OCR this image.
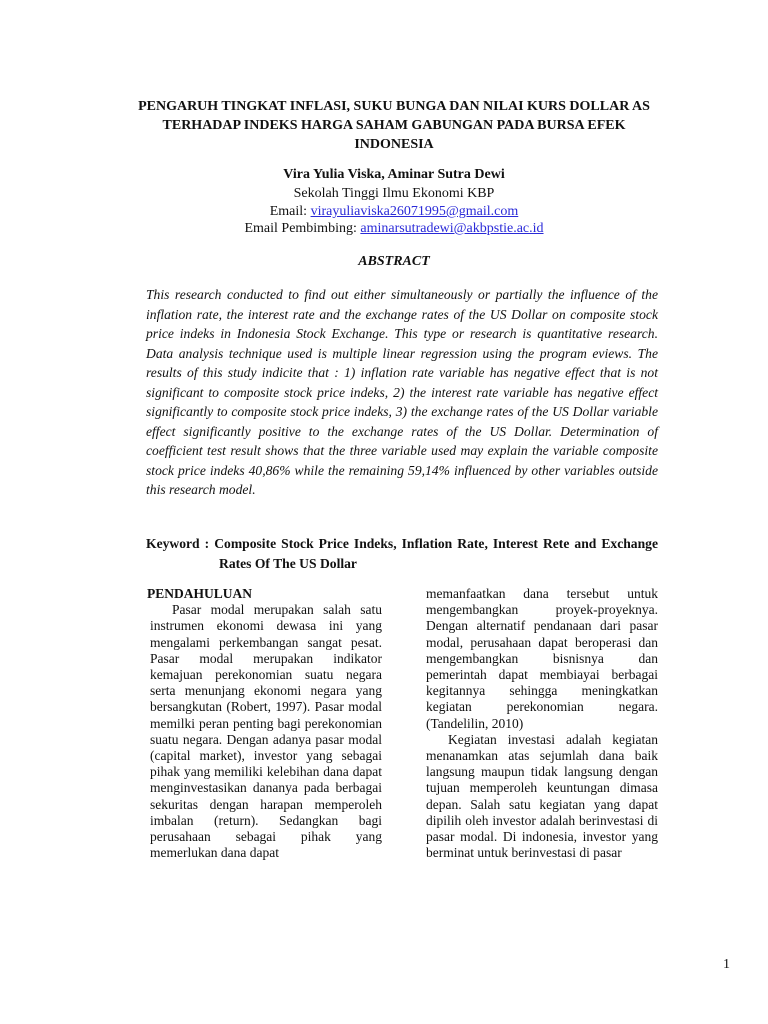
PENGARUH TINGKAT INFLASI, SUKU BUNGA DAN NILAI KURS DOLLAR AS TERHADAP INDEKS HARGA SAHAM GABUNGAN PADA BURSA EFEK INDONESIA
Vira Yulia Viska, Aminar Sutra Dewi
Sekolah Tinggi Ilmu Ekonomi KBP
Email: virayuliaviska26071995@gmail.com
Email Pembimbing: aminarsutradewi@akbpstie.ac.id
ABSTRACT

This research conducted to find out either simultaneously or partially the influence of the inflation rate, the interest rate and the exchange rates of the US Dollar on composite stock price indeks in Indonesia Stock Exchange. This type or research is quantitative research. Data analysis technique used is multiple linear regression using the program eviews. The results of this study indicite that : 1) inflation rate variable has negative effect that is not significant to composite stock price indeks, 2) the interest rate variable has negative effect significantly to composite stock price indeks, 3) the exchange rates of the US Dollar variable effect significantly positive to the exchange rates of the US Dollar. Determination of coefficient test result shows that the three variable used may explain the variable composite stock price indeks 40,86% while the remaining 59,14% influenced by other variables outside this research model.

Keyword : Composite Stock Price Indeks, Inflation Rate, Interest Rete and Exchange Rates Of The US Dollar
PENDAHULUAN

Pasar modal merupakan salah satu instrumen ekonomi dewasa ini yang mengalami perkembangan sangat pesat. Pasar modal merupakan indikator kemajuan perekonomian suatu negara serta menunjang ekonomi negara yang bersangkutan (Robert, 1997). Pasar modal memilki peran penting bagi perekonomian suatu negara. Dengan adanya pasar modal (capital market), investor yang sebagai pihak yang memiliki kelebihan dana dapat menginvestasikan dananya pada berbagai sekuritas dengan harapan memperoleh imbalan (return). Sedangkan bagi perusahaan sebagai pihak yang memerlukan dana dapat

memanfaatkan dana tersebut untuk mengembangkan proyek-proyeknya. Dengan alternatif pendanaan dari pasar modal, perusahaan dapat beroperasi dan mengembangkan bisnisnya dan pemerintah dapat membiayai berbagai kegitannya sehingga meningkatkan kegiatan perekonomian negara. (Tandelilin, 2010)

Kegiatan investasi adalah kegiatan menanamkan atas sejumlah dana baik langsung maupun tidak langsung dengan tujuan memperoleh keuntungan dimasa depan. Salah satu kegiatan yang dapat dipilih oleh investor adalah berinvestasi di pasar modal. Di indonesia, investor yang berminat untuk berinvestasi di pasar

1
